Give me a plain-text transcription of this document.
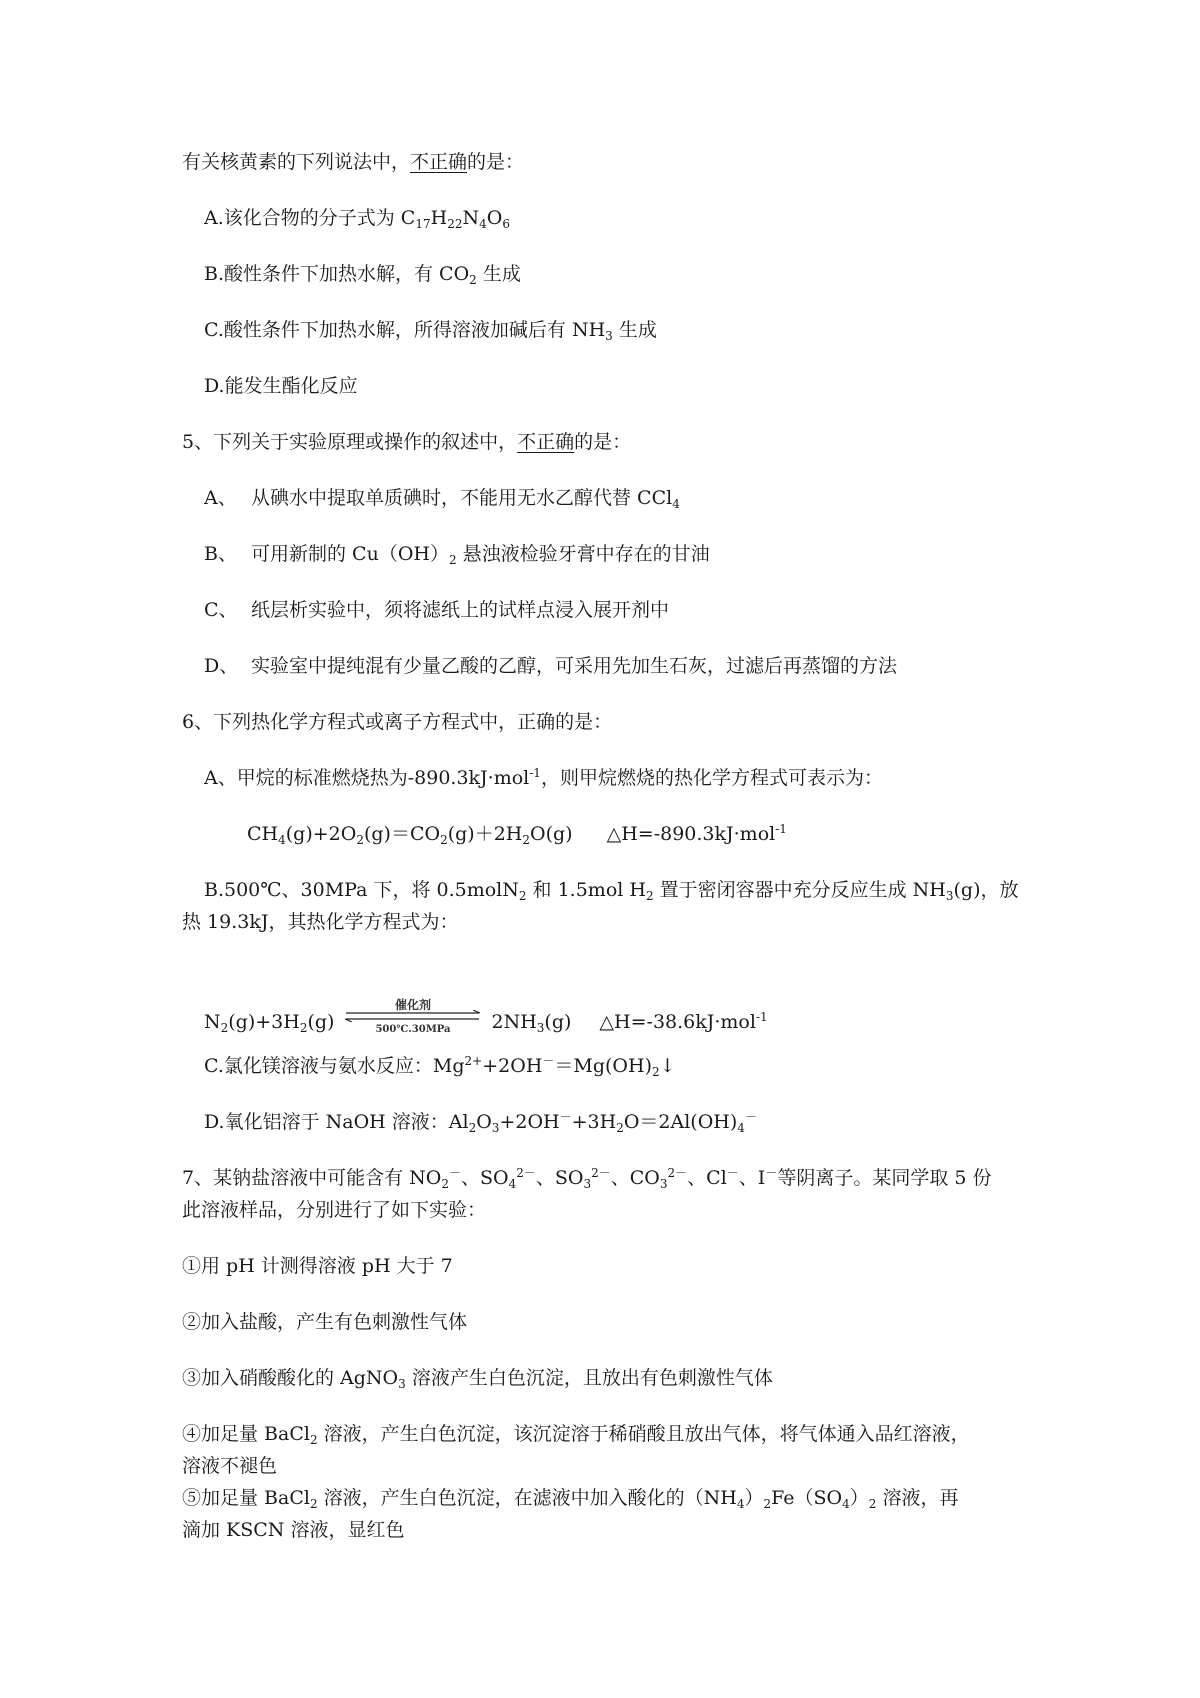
有关核黄素的下列说法中，不正确的是：
A.该化合物的分子式为 $C_{17}H_{22}N_4O_6$
B.酸性条件下加热水解，有 $CO_2$ 生成
C.酸性条件下加热水解，所得溶液加碱后有 $NH_3$ 生成
D.能发生酯化反应
5、下列关于实验原理或操作的叙述中，不正确的是：
A、 从碘水中提取单质碘时，不能用无水乙醇代替 CCl$_4$
B、 可用新制的 $Cu(OH)_2$ 悬浊液检验牙膏中存在的甘油
C、 纸层析实验中，须将滤纸上的试样点浸入展开剂中
D、 实验室中提纯混有少量乙酸的乙醇，可采用先加生石灰，过滤后再蒸馏的方法
6、下列热化学方程式或离子方程式中，正确的是：
A、甲烷的标准燃烧热为-890.3kJ·mol$^{-1}$，则甲烷燃烧的热化学方程式可表示为：
$CH_4(g)+2O_2(g)=CO_2(g)+2H_2O(g)$ △H=-890.3kJ·mol$^{-1}$
B.500℃、30MPa 下，将 0.5molN$_2$ 和 1.5mol $H_2$ 置于密闭容器中充分反应生成 $NH_3(g)$，放
热 19.3kJ，其热化学方程式为：
$N_2(g)+3H_2(g)$
催化剂
500℃.30MPa	$2NH_3(g)$ △H=-38.6kJ·mol$^{-1}$
C.氯化镁溶液与氨水反应：$Mg^{2+}+2OH^-=Mg(OH)_2↓$
D.氧化铝溶于 NaOH 溶液：$Al_2O_3+2OH^-+3H_2O=2Al(OH)_4^-$
7、某钠盐溶液中可能含有 $NO_2^-$、$SO_4^{2-}$、$SO_3^{2-}$、$CO_3^{2-}$、Cl－、I－等阴离子。某同学取 5 份
此溶液样品，分别进行了如下实验：
①用 pH 计测得溶液 pH 大于 7
②加入盐酸，产生有色刺激性气体
③加入硝酸酸化的 AgNO$_3$ 溶液产生白色沉淀，且放出有色刺激性气体
④加足量 BaCl$_2$ 溶液，产生白色沉淀，该沉淀溶于稀硝酸且放出气体，将气体通入品红溶液，
溶液不褪色
⑤加足量 BaCl$_2$ 溶液，产生白色沉淀，在滤液中加入酸化的$(NH_4)_2Fe(SO_4)_2$ 溶液，再
滴加 KSCN 溶液，显红色
